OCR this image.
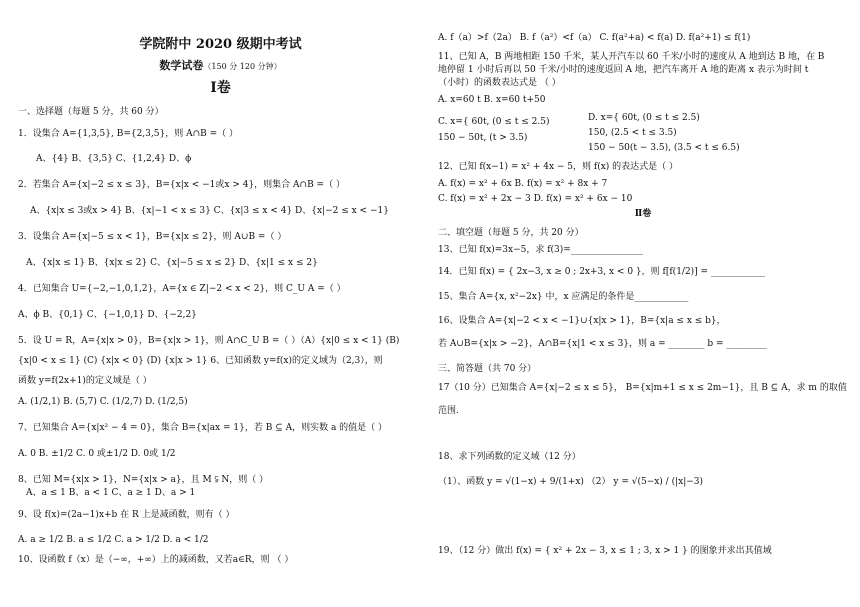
学院附中 2020 级期中考试
数学试卷（150 分 120 分钟）
Ⅰ卷
一、选择题（每题 5 分，共 60 分）
1．设集合 A={1,3,5}, B={2,3,5}，则 A∩B =（ ）
A、{4} B、{3,5} C、{1,2,4} D、ϕ
2．若集合 A={x|−2 ≤ x ≤ 3}，B={x|x < −1或x > 4}，则集合 A∩B =（ ）
A、{x|x ≤ 3或x > 4} B、{x|−1 < x ≤ 3} C、{x|3 ≤ x < 4} D、{x|−2 ≤ x < −1}
3．设集合 A={x|−5 ≤ x < 1}，B={x|x ≤ 2}，则 A∪B =（ ）
A、{x|x ≤ 1} B、{x|x ≤ 2} C、{x|−5 ≤ x ≤ 2} D、{x|1 ≤ x ≤ 2}
4．已知集合 U={−2,−1,0,1,2}，A={x ∈ Z|−2 < x < 2}，则 C_U A =（ ）
A、ϕ B、{0,1} C、{−1,0,1} D、{−2,2}
5．设 U = R，A={x|x > 0}，B={x|x > 1}，则 A∩C_U B =（ ）（A）{x|0 ≤ x < 1} (B)
{x|0 < x ≤ 1} (C) {x|x < 0} (D) {x|x > 1} 6、已知函数 y=f(x)的定义域为（2,3），则
函数 y=f(2x+1)的定义域是（ ）
A. (1/2,1) B. (5,7) C. (1/2,7) D. (1/2,5)
7、已知集合 A={x|x² − 4 = 0}，集合 B={x|ax = 1}，若 B ⊆ A，则实数 a 的值是（ ）
A. 0 B. ±1/2 C. 0 或±1/2 D. 0或 1/2
8、已知 M={x|x > 1}，N={x|x > a}，且 M ⫋ N，则（ ）
A、a ≤ 1 B、a < 1 C、a ≥ 1 D、a > 1
9、设 f(x)=(2a−1)x+b 在 R 上是减函数，则有（ ）
A. a ≥ 1/2 B. a ≤ 1/2 C. a > 1/2 D. a < 1/2
10、设函数 f（x）是（−∞，+∞）上的减函数，又若a∈R，则 （ ）
A. f（a）>f（2a） B. f（a²）<f（a） C. f(a²+a) < f(a) D. f(a²+1) ≤ f(1)
11、已知 A，B 两地相距 150 千米，某人开汽车以 60 千米/小时的速度从 A 地到达 B 地，在 B
地停留 1 小时后再以 50 千米/小时的速度返回 A 地，把汽车离开 A 地的距离 x 表示为时间 t
（小时）的函数表达式是 （ ）
A. x=60 t B. x=60 t+50
C. x={ 60t, (0 ≤ t ≤ 2.5)
150 − 50t, (t > 3.5)
D. x={ 60t, (0 ≤ t ≤ 2.5)
150, (2.5 < t ≤ 3.5)
150 − 50(t − 3.5), (3.5 < t ≤ 6.5)
12、已知 f(x−1) = x² + 4x − 5，则 f(x) 的表达式是（ ）
A. f(x) = x² + 6x B. f(x) = x² + 8x + 7
C. f(x) = x² + 2x − 3 D. f(x) = x² + 6x − 10
Ⅱ卷
二、填空题（每题 5 分，共 20 分）
13、已知 f(x)=3x−5，求 f(3)=________________
14．已知 f(x) = { 2x−3, x ≥ 0 ; 2x+3, x < 0 }，则 f[f(1/2)] = ____________
15、集合 A={x, x²−2x} 中，x 应满足的条件是____________
16、设集合 A={x|−2 < x < −1}∪{x|x > 1}，B={x|a ≤ x ≤ b}，
若 A∪B={x|x > −2}，A∩B={x|1 < x ≤ 3}，则 a = ________ b = _________
三、简答题（共 70 分）
17（10 分）已知集合 A={x|−2 ≤ x ≤ 5}， B={x|m+1 ≤ x ≤ 2m−1}，且 B ⊆ A，求 m 的取值
范围.
18、求下列函数的定义域（12 分）
（1）、函数 y = √(1−x) + 9/(1+x) （2） y = √(5−x) / (|x|−3)
19、（12 分）做出 f(x) = { x² + 2x − 3, x ≤ 1 ; 3, x > 1 } 的图象并求出其值域
